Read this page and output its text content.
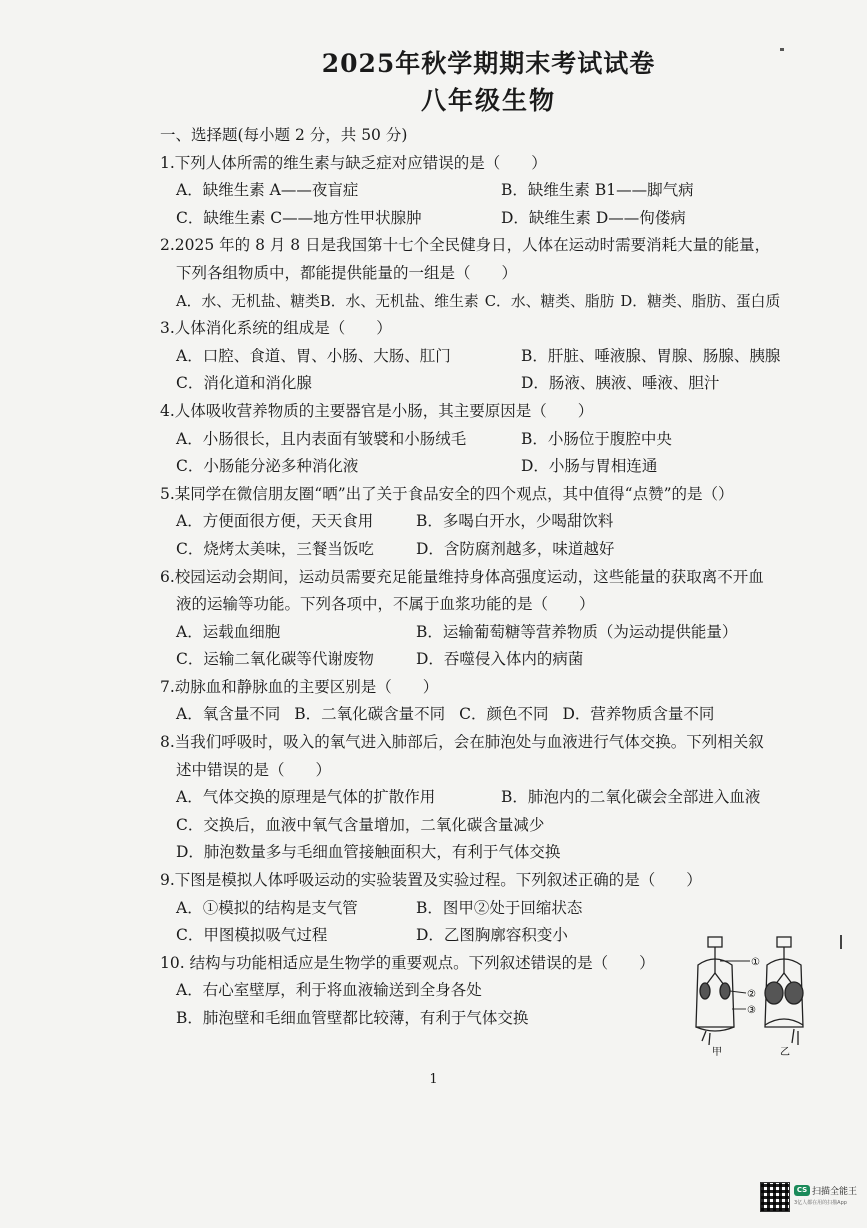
2025年秋学期期末考试试卷
八年级生物
一、选择题(每小题 2 分，共 50 分)
1.下列人体所需的维生素与缺乏症对应错误的是（　　）
A．缺维生素 A——夜盲症	B．缺维生素 B1——脚气病
C．缺维生素 C——地方性甲状腺肿	D．缺维生素 D——佝偻病
2.2025 年的 8 月 8 日是我国第十七个全民健身日，人体在运动时需要消耗大量的能量，
下列各组物质中，都能提供能量的一组是（　　）
A．水、无机盐、糖类 B．水、无机盐、维生素 C．水、糖类、脂肪 D．糖类、脂肪、蛋白质
3.人体消化系统的组成是（　　）
A．口腔、食道、胃、小肠、大肠、肛门	B．肝脏、唾液腺、胃腺、肠腺、胰腺
C．消化道和消化腺	D．肠液、胰液、唾液、胆汁
4.人体吸收营养物质的主要器官是小肠，其主要原因是（　　）
A．小肠很长，且内表面有皱襞和小肠绒毛	B．小肠位于腹腔中央
C．小肠能分泌多种消化液	D．小肠与胃相连通
5.某同学在微信朋友圈“晒”出了关于食品安全的四个观点，其中值得“点赞”的是（）
A．方便面很方便，天天食用	B．多喝白开水，少喝甜饮料
C．烧烤太美味，三餐当饭吃	D．含防腐剂越多，味道越好
6.校园运动会期间，运动员需要充足能量维持身体高强度运动，这些能量的获取离不开血
液的运输等功能。下列各项中，不属于血浆功能的是（　　）
A．运载血细胞	B．运输葡萄糖等营养物质（为运动提供能量）
C．运输二氧化碳等代谢废物	D．吞噬侵入体内的病菌
7.动脉血和静脉血的主要区别是（　　）
A．氧含量不同 B．二氧化碳含量不同 C．颜色不同 D．营养物质含量不同
8.当我们呼吸时，吸入的氧气进入肺部后，会在肺泡处与血液进行气体交换。下列相关叙
述中错误的是（　　）
A．气体交换的原理是气体的扩散作用	B．肺泡内的二氧化碳会全部进入血液
C．交换后，血液中氧气含量增加，二氧化碳含量减少
D．肺泡数量多与毛细血管接触面积大，有利于气体交换
9.下图是模拟人体呼吸运动的实验装置及实验过程。下列叙述正确的是（　　）
A．①模拟的结构是支气管	B．图甲②处于回缩状态
C．甲图模拟吸气过程	D．乙图胸廓容积变小
10. 结构与功能相适应是生物学的重要观点。下列叙述错误的是（　　）
A．右心室壁厚，利于将血液输送到全身各处
B．肺泡壁和毛细血管壁都比较薄，有利于气体交换
①
②
③
甲	乙
1
CS 扫描全能王
3亿人都在用的扫描App
